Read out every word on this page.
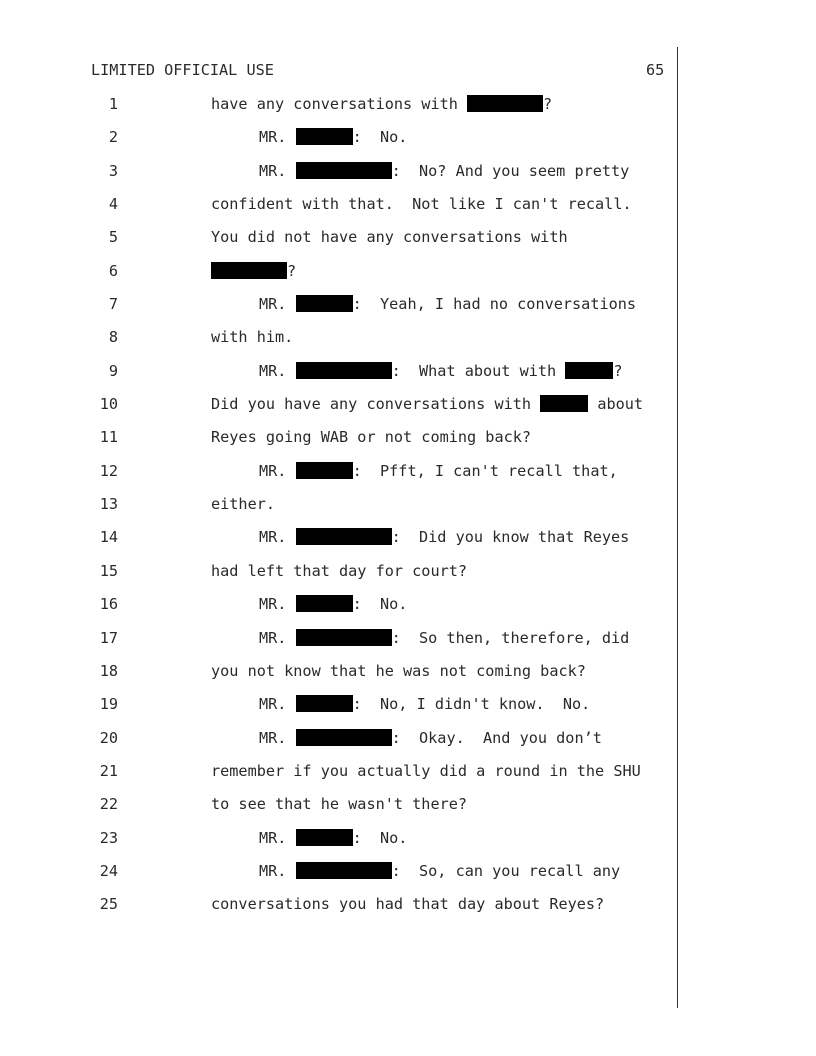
LIMITED OFFICIAL USE	65
1	have any conversations with	?
2	MR.	:  No.
3	MR.	:  No? And you seem pretty
4	confident with that.  Not like I can't recall.
5	You did not have any conversations with
6	?
7	MR.	:  Yeah, I had no conversations
8	with him.
9	MR.	:  What about with	?
10	Did you have any conversations with	about
11	Reyes going WAB or not coming back?
12	MR.	:  Pfft, I can't recall that,
13	either.
14	MR.	:  Did you know that Reyes
15	had left that day for court?
16	MR.	:  No.
17	MR.	:  So then, therefore, did
18	you not know that he was not coming back?
19	MR.	:  No, I didn't know.  No.
20	MR.	:  Okay.  And you don’t
21	remember if you actually did a round in the SHU
22	to see that he wasn't there?
23	MR.	:  No.
24	MR.	:  So, can you recall any
25	conversations you had that day about Reyes?
